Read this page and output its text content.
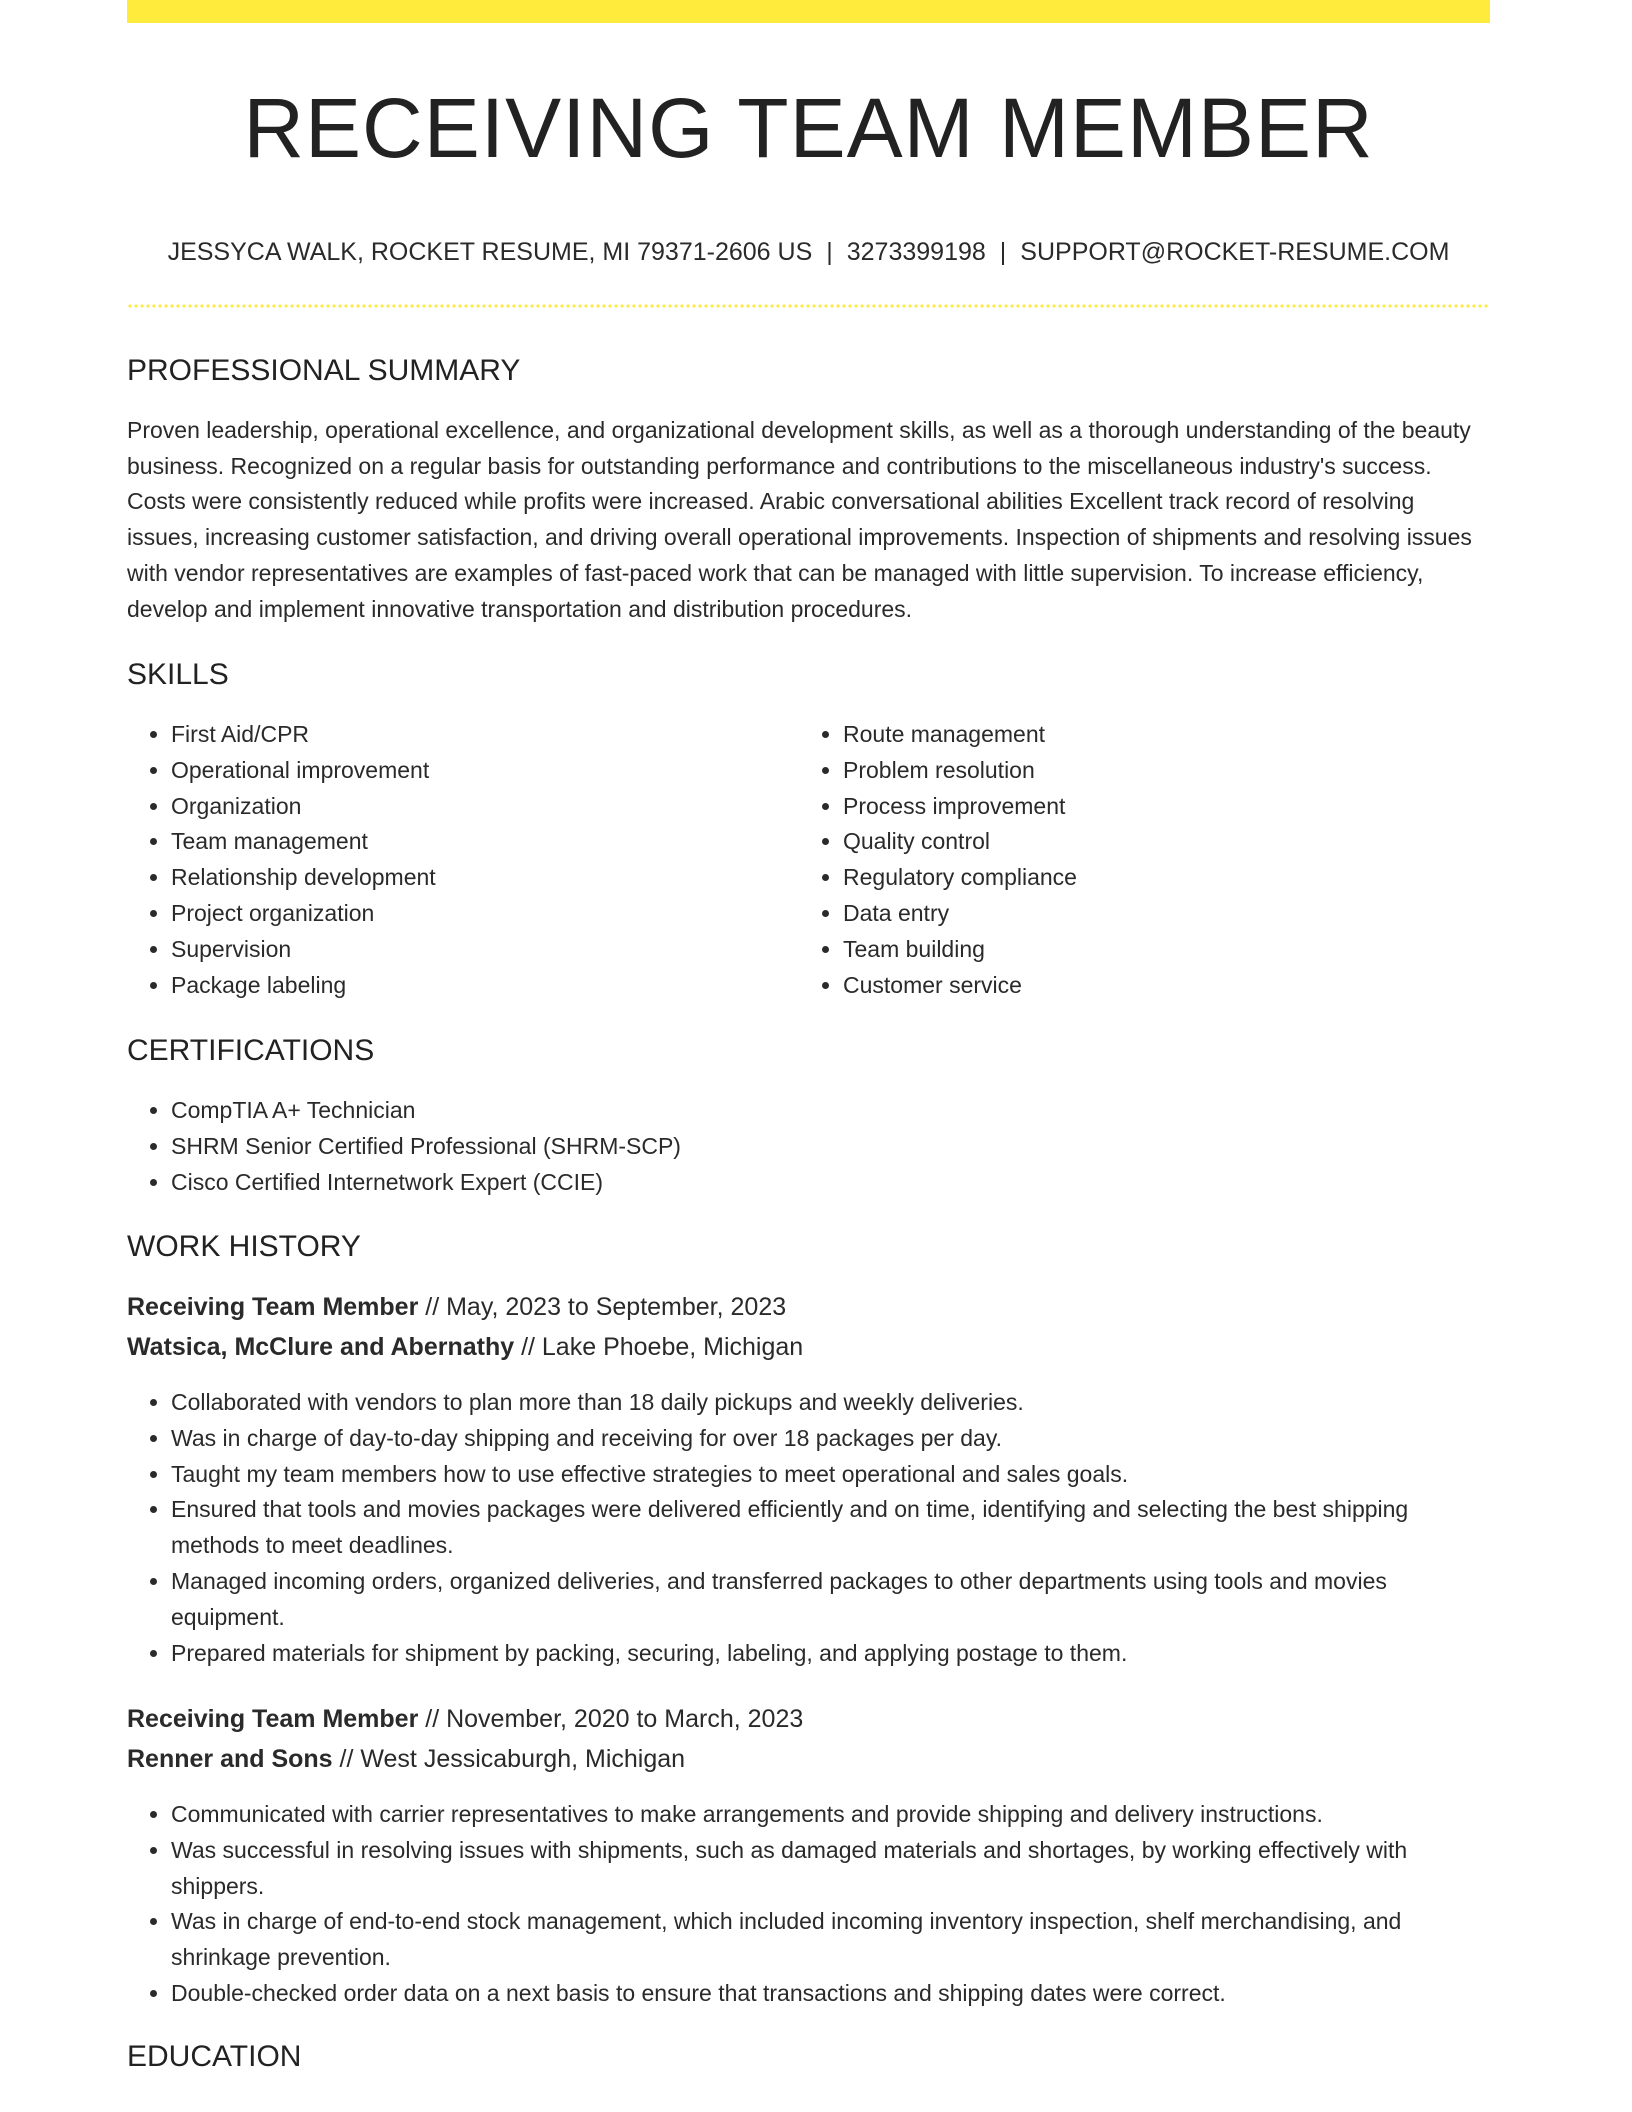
RECEIVING TEAM MEMBER
JESSYCA WALK, ROCKET RESUME, MI 79371-2606 US | 3273399198 | SUPPORT@ROCKET-RESUME.COM
PROFESSIONAL SUMMARY

Proven leadership, operational excellence, and organizational development skills, as well as a thorough understanding of the beauty business. Recognized on a regular basis for outstanding performance and contributions to the miscellaneous industry's success. Costs were consistently reduced while profits were increased. Arabic conversational abilities Excellent track record of resolving issues, increasing customer satisfaction, and driving overall operational improvements. Inspection of shipments and resolving issues with vendor representatives are examples of fast-paced work that can be managed with little supervision. To increase efficiency, develop and implement innovative transportation and distribution procedures.

SKILLS
• First Aid/CPR
• Operational improvement
• Organization
• Team management
• Relationship development
• Project organization
• Supervision
• Package labeling
• Route management
• Problem resolution
• Process improvement
• Quality control
• Regulatory compliance
• Data entry
• Team building
• Customer service
CERTIFICATIONS
• CompTIA A+ Technician
• SHRM Senior Certified Professional (SHRM-SCP)
• Cisco Certified Internetwork Expert (CCIE)
WORK HISTORY
Receiving Team Member // May, 2023 to September, 2023
Watsica, McClure and Abernathy // Lake Phoebe, Michigan
• Collaborated with vendors to plan more than 18 daily pickups and weekly deliveries.
• Was in charge of day-to-day shipping and receiving for over 18 packages per day.
• Taught my team members how to use effective strategies to meet operational and sales goals.
• Ensured that tools and movies packages were delivered efficiently and on time, identifying and selecting the best shipping methods to meet deadlines.
• Managed incoming orders, organized deliveries, and transferred packages to other departments using tools and movies equipment.
• Prepared materials for shipment by packing, securing, labeling, and applying postage to them.
Receiving Team Member // November, 2020 to March, 2023
Renner and Sons // West Jessicaburgh, Michigan
• Communicated with carrier representatives to make arrangements and provide shipping and delivery instructions.
• Was successful in resolving issues with shipments, such as damaged materials and shortages, by working effectively with shippers.
• Was in charge of end-to-end stock management, which included incoming inventory inspection, shelf merchandising, and shrinkage prevention.
• Double-checked order data on a next basis to ensure that transactions and shipping dates were correct.
EDUCATION
